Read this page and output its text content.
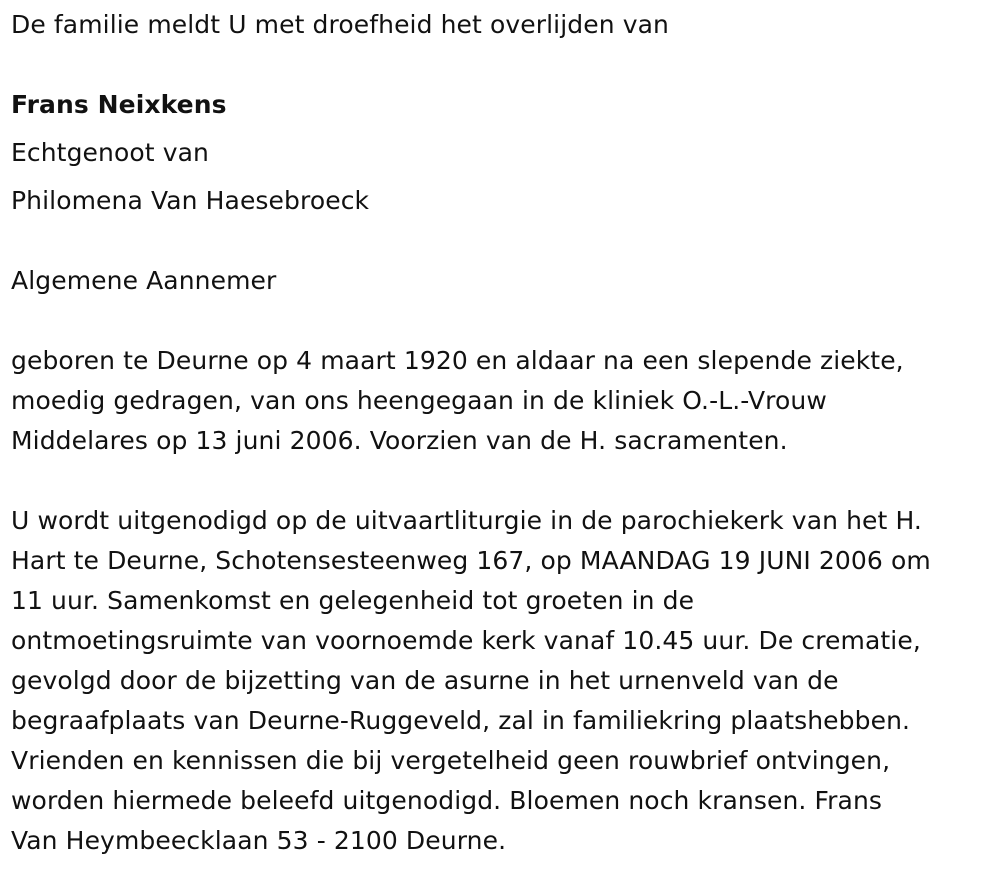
De familie meldt U met droefheid het overlijden van
Frans Neixkens
Echtgenoot van
Philomena Van Haesebroeck
Algemene Aannemer
geboren te Deurne op 4 maart 1920 en aldaar na een slepende ziekte,
moedig gedragen, van ons heengegaan in de kliniek O.-L.-Vrouw
Middelares op 13 juni 2006. Voorzien van de H. sacramenten.
U wordt uitgenodigd op de uitvaartliturgie in de parochiekerk van het H.
Hart te Deurne, Schotensesteenweg 167, op MAANDAG 19 JUNI 2006 om
11 uur. Samenkomst en gelegenheid tot groeten in de
ontmoetingsruimte van voornoemde kerk vanaf 10.45 uur. De crematie,
gevolgd door de bijzetting van de asurne in het urnenveld van de
begraafplaats van Deurne-Ruggeveld, zal in familiekring plaatshebben.
Vrienden en kennissen die bij vergetelheid geen rouwbrief ontvingen,
worden hiermede beleefd uitgenodigd. Bloemen noch kransen. Frans
Van Heymbeecklaan 53 - 2100 Deurne.
